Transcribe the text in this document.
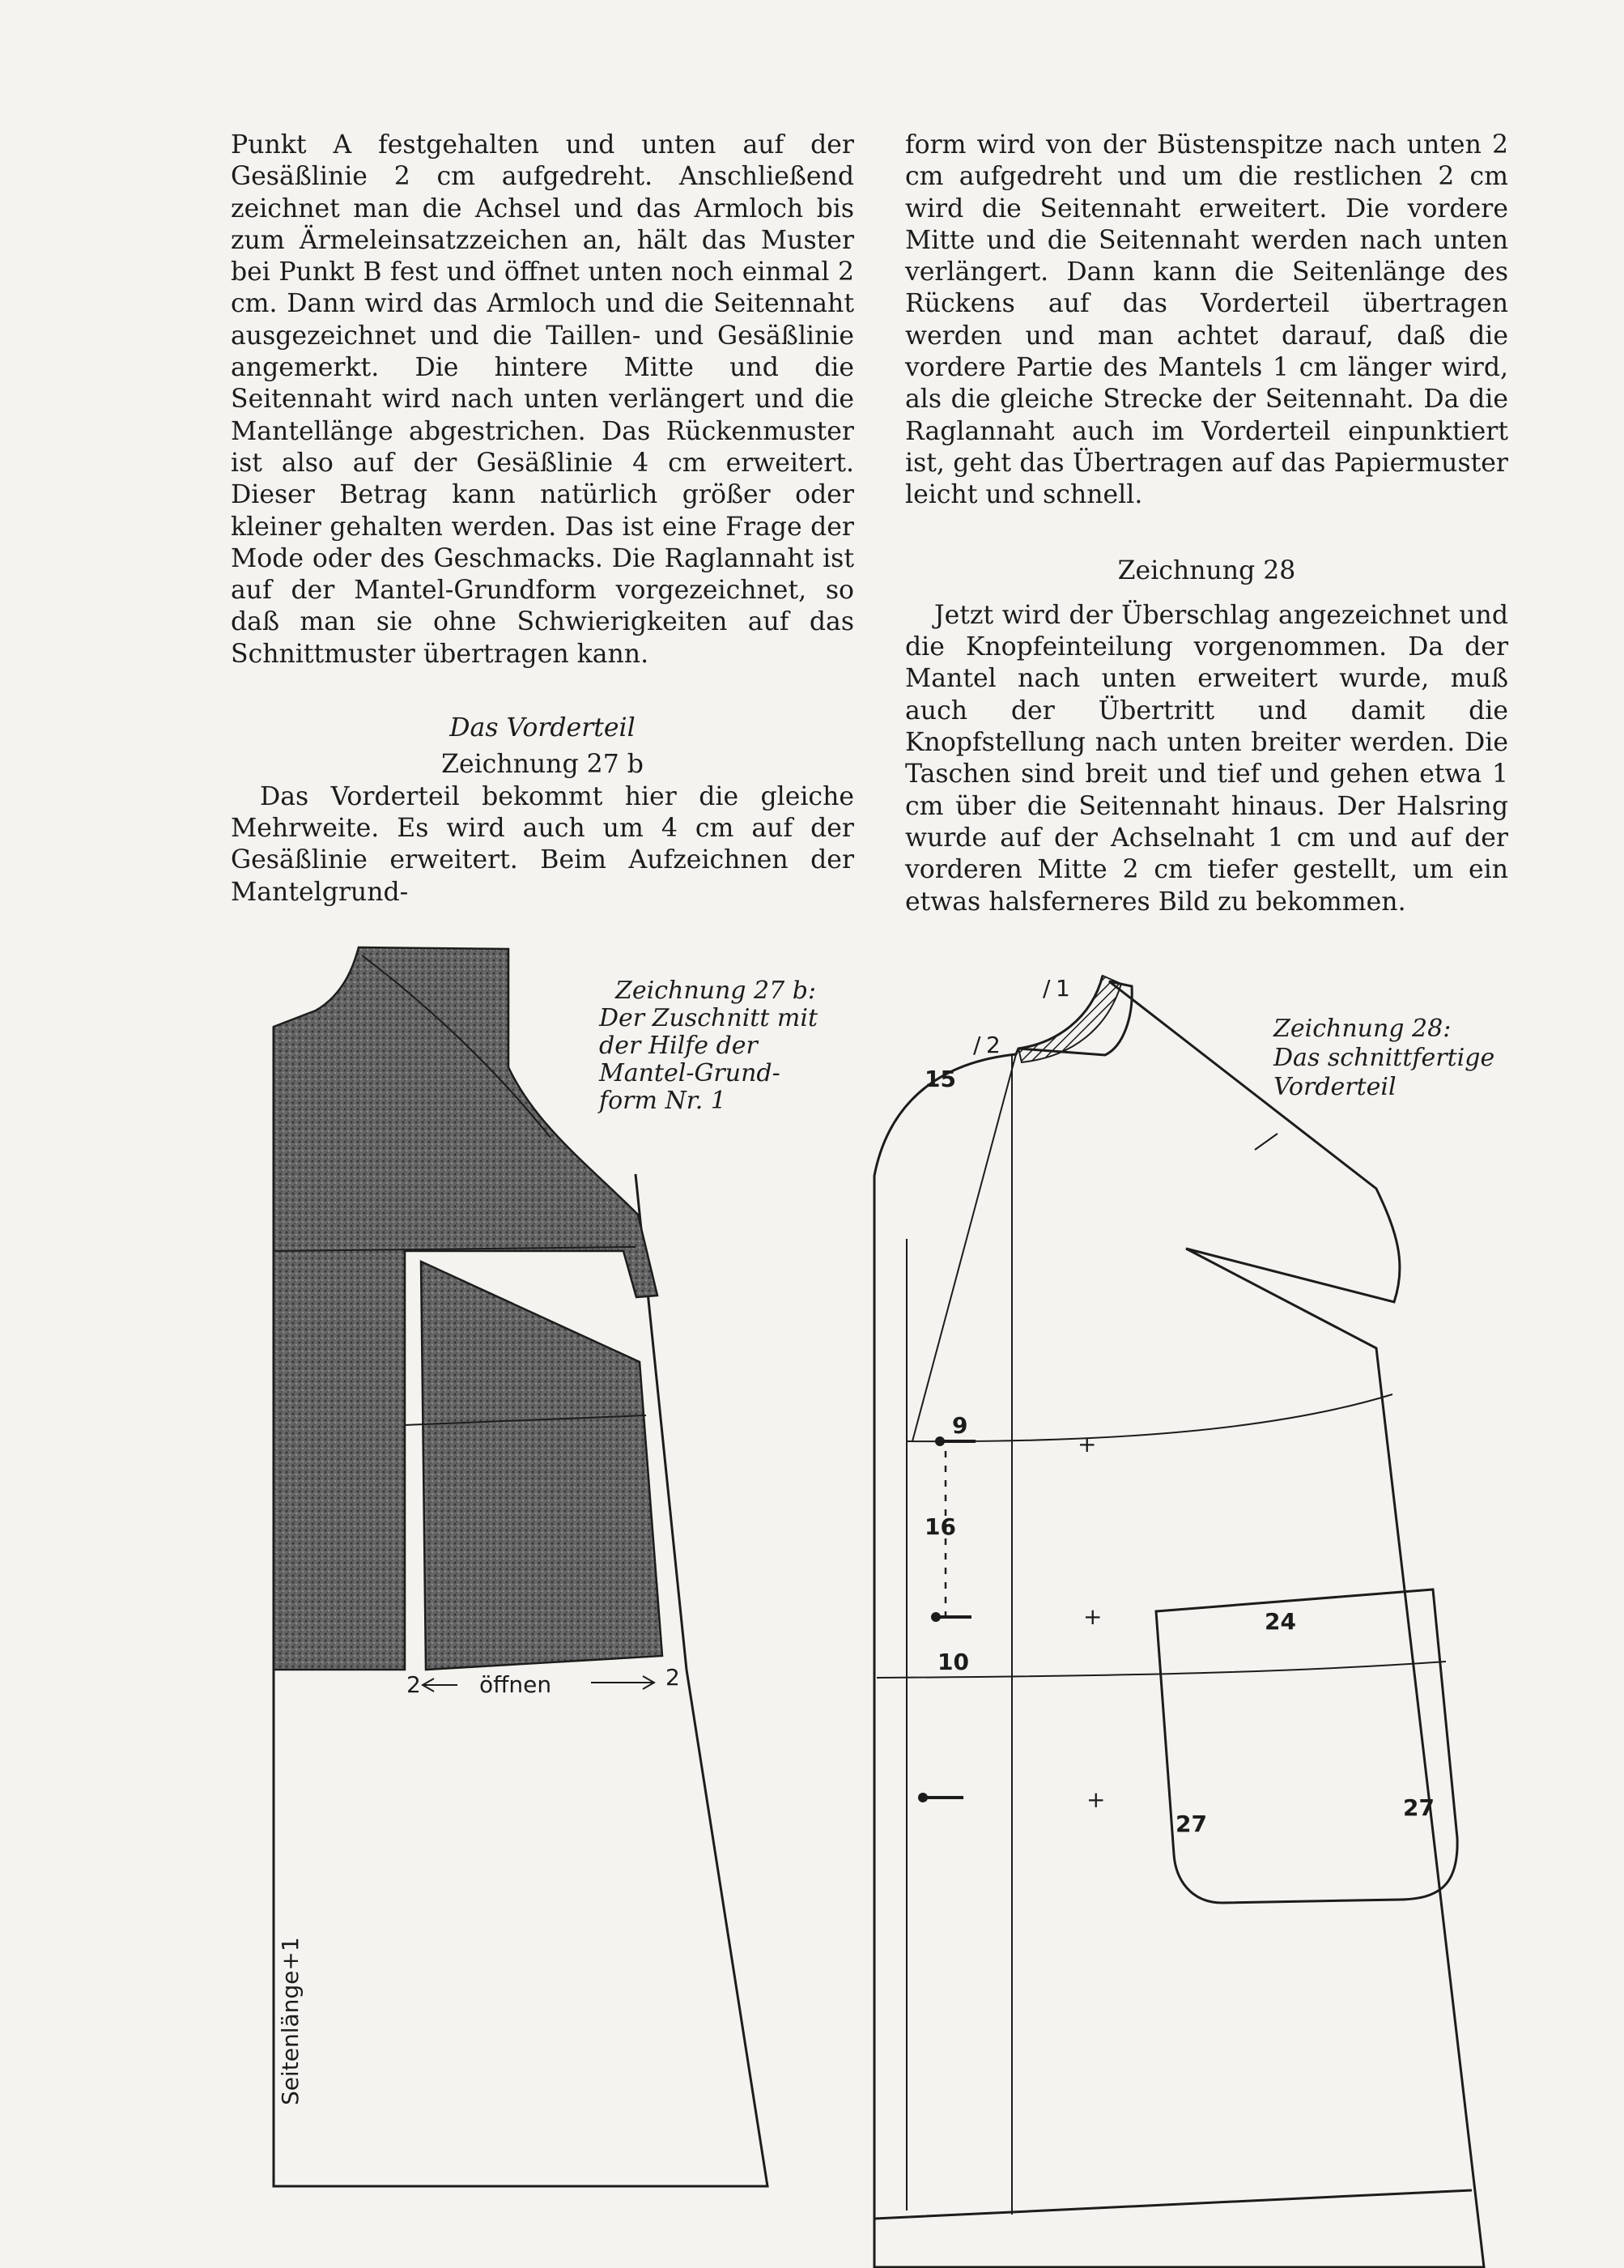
Punkt A festgehalten und unten auf der Gesäßlinie 2 cm aufgedreht. Anschließend zeichnet man die Achsel und das Armloch bis zum Ärmeleinsatzzeichen an, hält das Muster bei Punkt B fest und öffnet unten noch einmal 2 cm. Dann wird das Armloch und die Seitennaht ausgezeichnet und die Taillen- und Gesäßlinie angemerkt. Die hintere Mitte und die Seitennaht wird nach unten verlängert und die Mantellänge abgestrichen. Das Rückenmuster ist also auf der Gesäßlinie 4 cm erweitert. Dieser Betrag kann natürlich größer oder kleiner gehalten werden. Das ist eine Frage der Mode oder des Geschmacks. Die Raglannaht ist auf der Mantel-Grundform vorgezeichnet, so daß man sie ohne Schwierigkeiten auf das Schnittmuster übertragen kann.

Das Vorderteil

Zeichnung 27 b

Das Vorderteil bekommt hier die gleiche Mehrweite. Es wird auch um 4 cm auf der Gesäßlinie erweitert. Beim Aufzeichnen der Mantelgrund-

form wird von der Büstenspitze nach unten 2 cm aufgedreht und um die restlichen 2 cm wird die Seitennaht erweitert. Die vordere Mitte und die Seitennaht werden nach unten verlängert. Dann kann die Seitenlänge des Rückens auf das Vorderteil übertragen werden und man achtet darauf, daß die vordere Partie des Mantels 1 cm länger wird, als die gleiche Strecke der Seitennaht. Da die Raglannaht auch im Vorderteil einpunktiert ist, geht das Übertragen auf das Papiermuster leicht und schnell.

Zeichnung 28

Jetzt wird der Überschlag angezeichnet und die Knopfeinteilung vorgenommen. Da der Mantel nach unten erweitert wurde, muß auch der Übertritt und damit die Knopfstellung nach unten breiter werden. Die Taschen sind breit und tief und gehen etwa 1 cm über die Seitennaht hinaus. Der Halsring wurde auf der Achselnaht 1 cm und auf der vorderen Mitte 2 cm tiefer gestellt, um ein etwas halsferneres Bild zu bekommen.

Zeichnung 27 b:
Der Zuschnitt mit
der Hilfe der
Mantel-Grund-
form Nr. 1
2	öffnen	2
Seitenlänge+1
+
+
+
Zeichnung 28:
Das schnittfertige
Vorderteil
/ 1
/ 2
15
9
16
10
24
27
27
